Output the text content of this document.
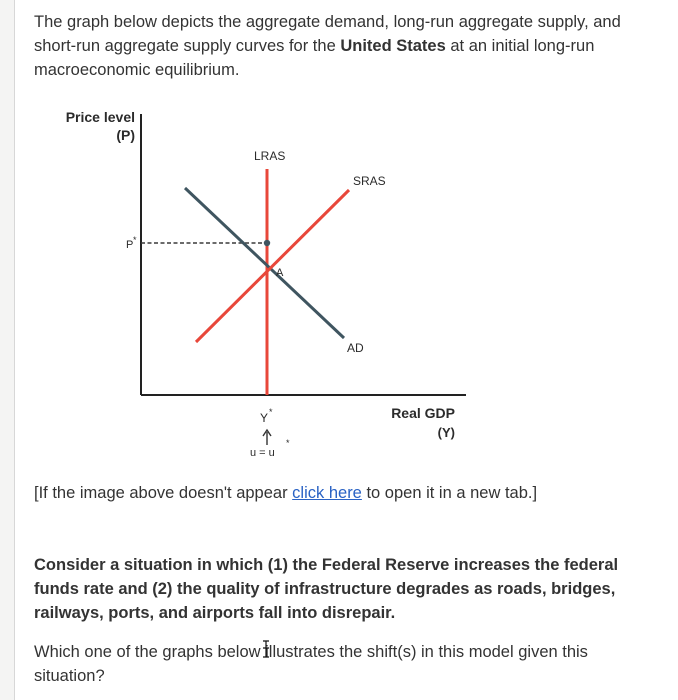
The graph below depicts the aggregate demand, long-run aggregate supply, and short-run aggregate supply curves for the United States at an initial long-run macroeconomic equilibrium.

Price level
(P)
Real GDP
(Y)
P *
LRAS
AD
SRAS
A
Y *
u = u
*

[If the image above doesn't appear click here to open it in a new tab.]

Consider a situation in which (1) the Federal Reserve increases the federal funds rate and (2) the quality of infrastructure degrades as roads, bridges, railways, ports, and airports fall into disrepair.

Which one of the graphs below illustrates the shift(s) in this model given this situation?
